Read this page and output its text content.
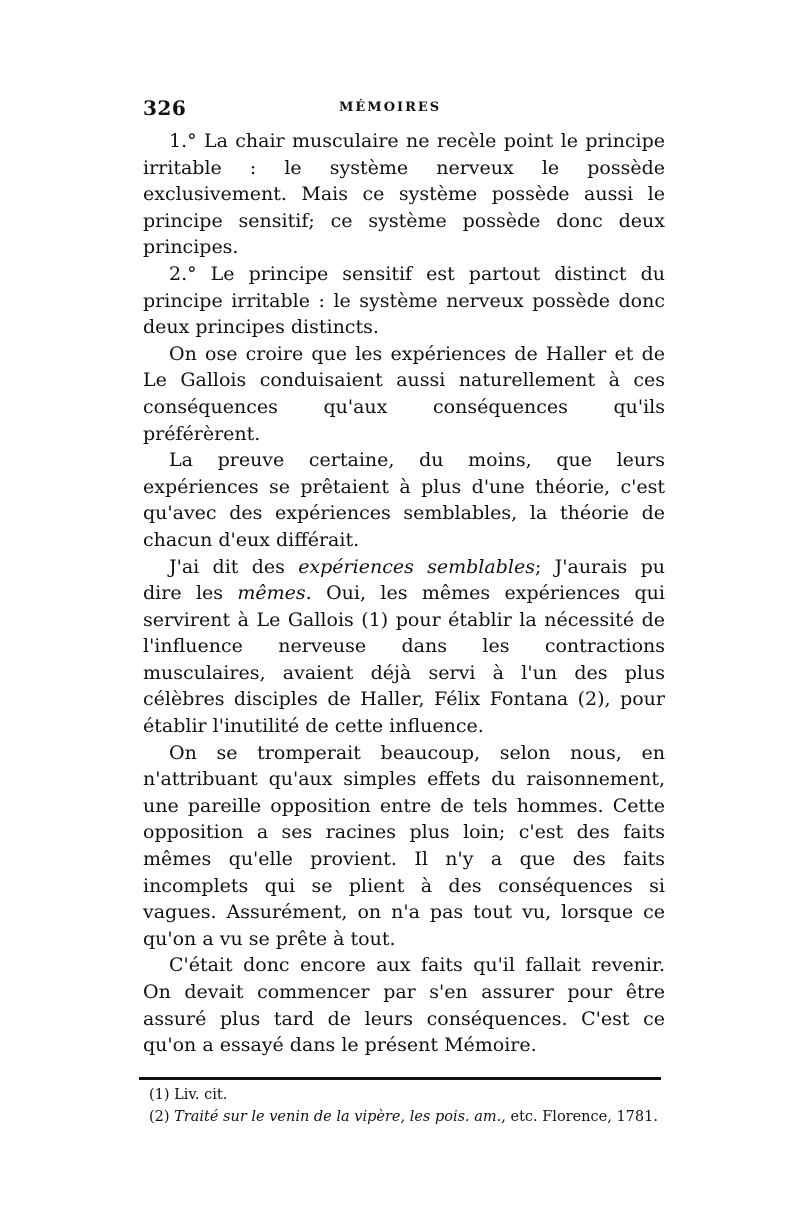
326	MÉMOIRES

1.° La chair musculaire ne recèle point le principe irritable : le système nerveux le possède exclusivement. Mais ce système possède aussi le principe sensitif; ce système possède donc deux principes.

2.° Le principe sensitif est partout distinct du principe irritable : le système nerveux possède donc deux principes distincts.

On ose croire que les expériences de Haller et de Le Gallois conduisaient aussi naturellement à ces conséquences qu'aux conséquences qu'ils préférèrent.

La preuve certaine, du moins, que leurs expériences se prêtaient à plus d'une théorie, c'est qu'avec des expériences semblables, la théorie de chacun d'eux différait.

J'ai dit des expériences semblables; J'aurais pu dire les mêmes. Oui, les mêmes expériences qui servirent à Le Gallois (1) pour établir la nécessité de l'influence nerveuse dans les contractions musculaires, avaient déjà servi à l'un des plus célèbres disciples de Haller, Félix Fontana (2), pour établir l'inutilité de cette influence.

On se tromperait beaucoup, selon nous, en n'attribuant qu'aux simples effets du raisonnement, une pareille opposition entre de tels hommes. Cette opposition a ses racines plus loin; c'est des faits mêmes qu'elle provient. Il n'y a que des faits incomplets qui se plient à des conséquences si vagues. Assurément, on n'a pas tout vu, lorsque ce qu'on a vu se prête à tout.

C'était donc encore aux faits qu'il fallait revenir. On devait commencer par s'en assurer pour être assuré plus tard de leurs conséquences. C'est ce qu'on a essayé dans le présent Mémoire.

(1) Liv. cit.

(2) Traité sur le venin de la vipère, les pois. am., etc. Florence, 1781.
